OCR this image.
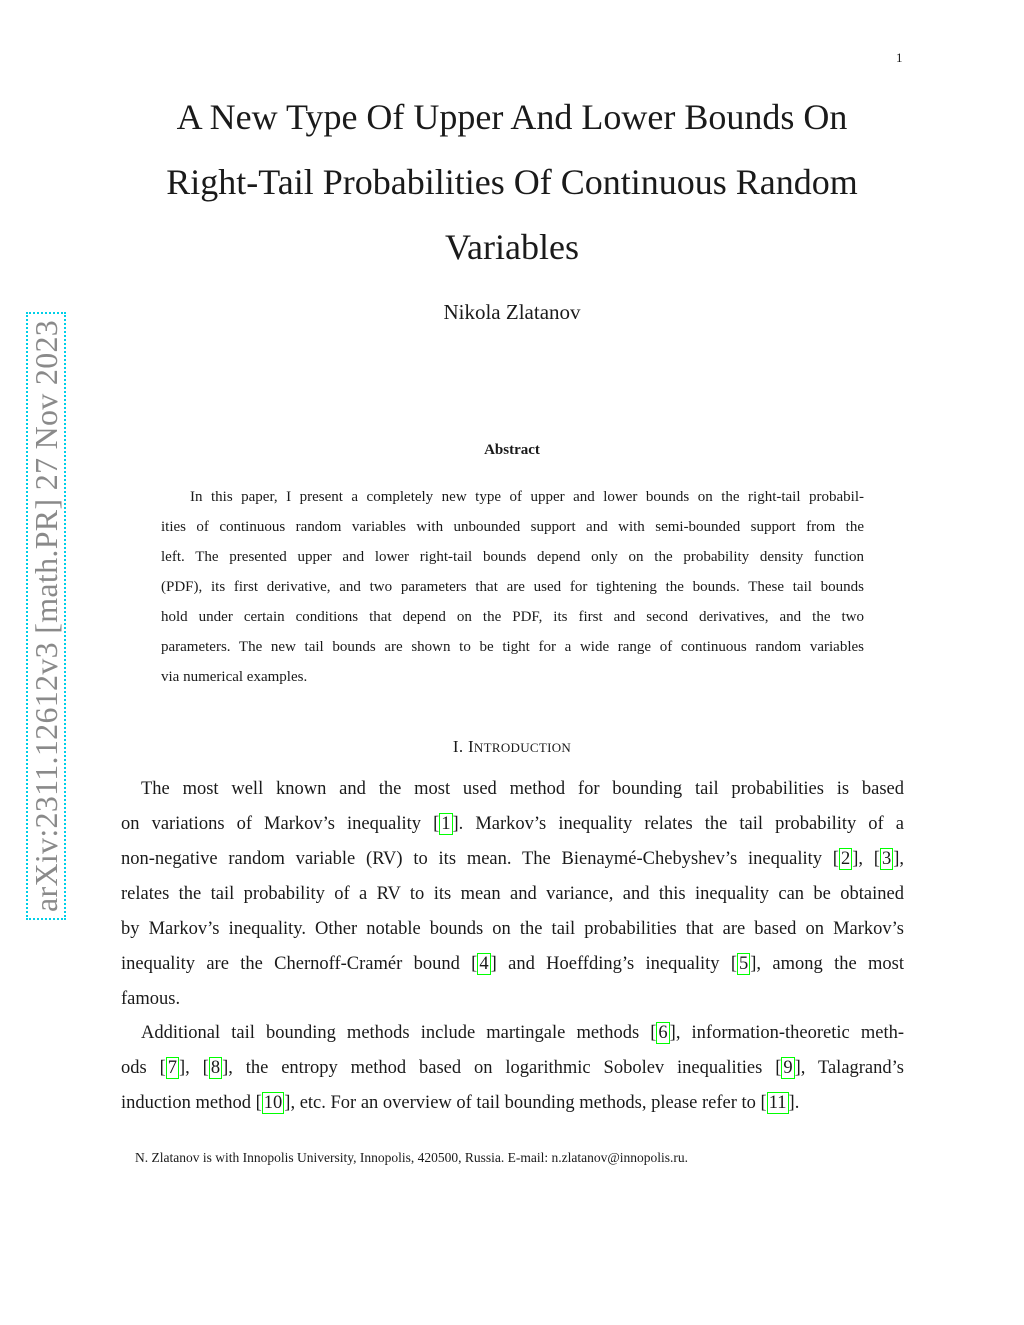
1
arXiv:2311.12612v3 [math.PR] 27 Nov 2023
A New Type Of Upper And Lower Bounds On
Right-Tail Probabilities Of Continuous Random
Variables
Nikola Zlatanov
Abstract

In this paper, I present a completely new type of upper and lower bounds on the right-tail probabil-
ities of continuous random variables with unbounded support and with semi-bounded support from the
left. The presented upper and lower right-tail bounds depend only on the probability density function
(PDF), its first derivative, and two parameters that are used for tightening the bounds. These tail bounds
hold under certain conditions that depend on the PDF, its first and second derivatives, and the two
parameters. The new tail bounds are shown to be tight for a wide range of continuous random variables
via numerical examples.

I. INTRODUCTION

The most well known and the most used method for bounding tail probabilities is based
on variations of Markov’s inequality [ 1 ]. Markov’s inequality relates the tail probability of a
non-negative random variable (RV) to its mean. The Bienaymé-Chebyshev’s inequality [ 2 ], [ 3 ],
relates the tail probability of a RV to its mean and variance, and this inequality can be obtained
by Markov’s inequality. Other notable bounds on the tail probabilities that are based on Markov’s
inequality are the Chernoff-Cramér bound [ 4 ] and Hoeffding’s inequality [ 5 ], among the most
famous.

Additional tail bounding methods include martingale methods [ 6 ], information-theoretic meth-
ods [ 7 ], [ 8 ], the entropy method based on logarithmic Sobolev inequalities [ 9 ], Talagrand’s
induction method [ 10 ], etc. For an overview of tail bounding methods, please refer to [ 11 ].

N. Zlatanov is with Innopolis University, Innopolis, 420500, Russia. E-mail: n.zlatanov@innopolis.ru.
